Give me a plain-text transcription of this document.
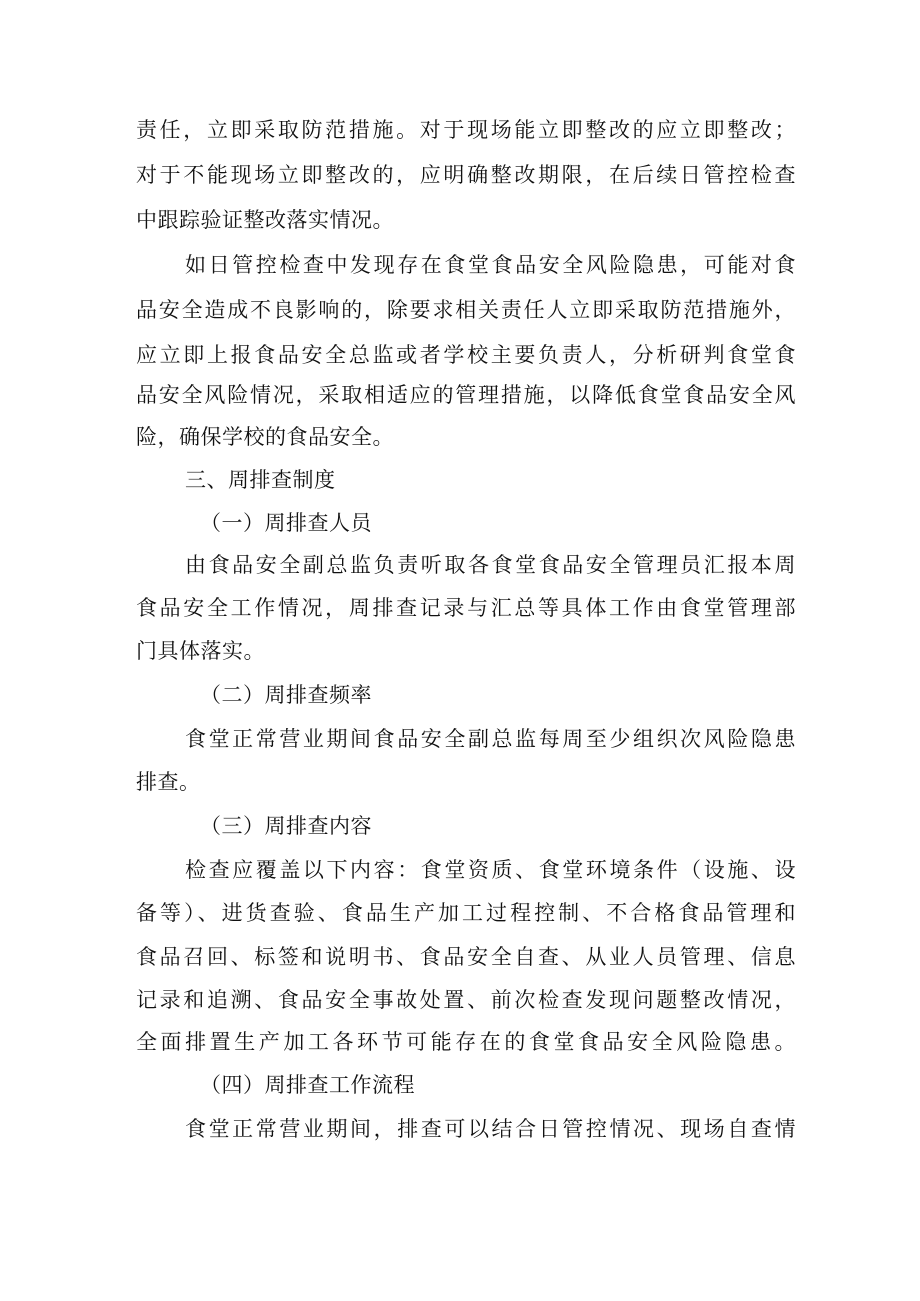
责任，立即采取防范措施。对于现场能立即整改的应立即整改；
对于不能现场立即整改的，应明确整改期限，在后续日管控检查
中跟踪验证整改落实情况。
如日管控检查中发现存在食堂食品安全风险隐患，可能对食
品安全造成不良影响的，除要求相关责任人立即采取防范措施外，
应立即上报食品安全总监或者学校主要负责人，分析研判食堂食
品安全风险情况，采取相适应的管理措施，以降低食堂食品安全风
险，确保学校的食品安全。
三、周排查制度
（一）周排查人员
由食品安全副总监负责听取各食堂食品安全管理员汇报本周
食品安全工作情况，周排查记录与汇总等具体工作由食堂管理部
门具体落实。
（二）周排查频率
食堂正常营业期间食品安全副总监每周至少组织次风险隐患
排查。
（三）周排查内容
检查应覆盖以下内容：食堂资质、食堂环境条件（设施、设
备等）、进货查验、食品生产加工过程控制、不合格食品管理和
食品召回、标签和说明书、食品安全自查、从业人员管理、信息
记录和追溯、食品安全事故处置、前次检查发现问题整改情况，
全面排置生产加工各环节可能存在的食堂食品安全风险隐患。
（四）周排查工作流程
食堂正常营业期间，排查可以结合日管控情况、现场自查情
